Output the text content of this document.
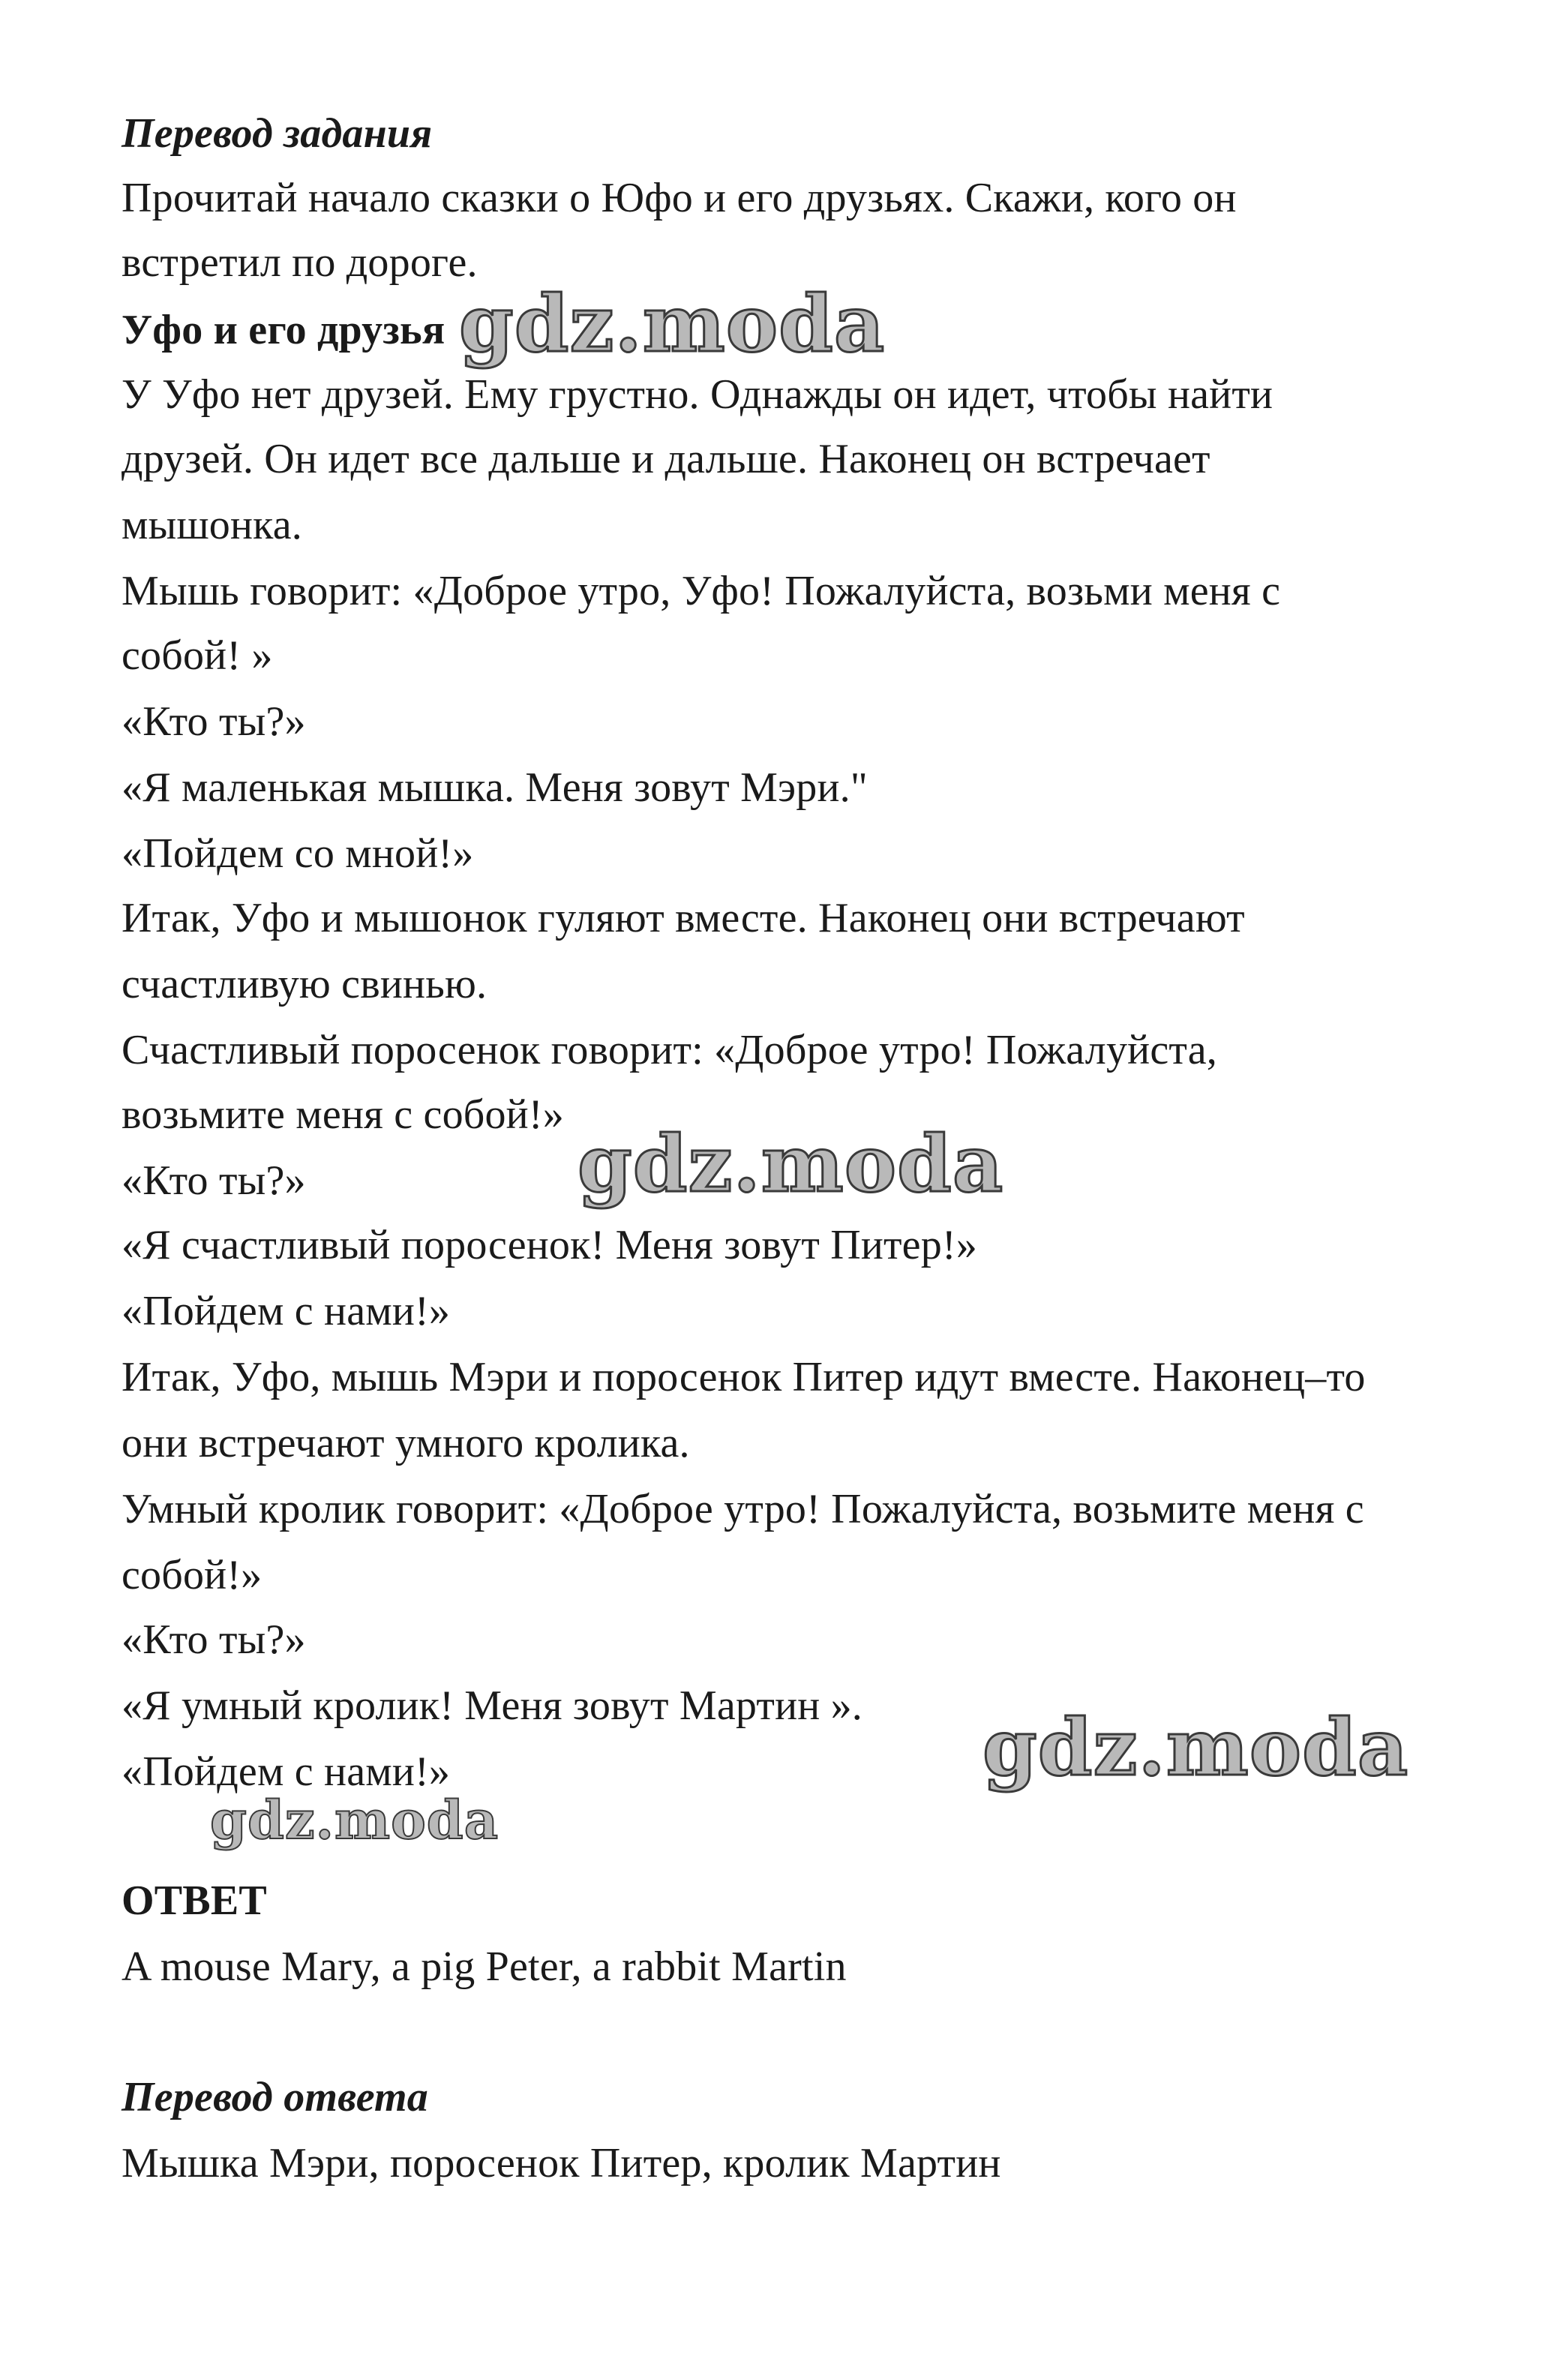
Перевод задания
Прочитай начало сказки о Юфо и его друзьях. Скажи, кого он
встретил по дороге.
Уфо и его друзья
У Уфо нет друзей. Ему грустно. Однажды он идет, чтобы найти
друзей. Он идет все дальше и дальше. Наконец он встречает
мышонка.
Мышь говорит: «Доброе утро, Уфо! Пожалуйста, возьми меня с
собой! »
«Кто ты?»
«Я маленькая мышка. Меня зовут Мэри."
«Пойдем со мной!»
Итак, Уфо и мышонок гуляют вместе. Наконец они встречают
счастливую свинью.
Счастливый поросенок говорит: «Доброе утро! Пожалуйста,
возьмите меня с собой!»
«Кто ты?»
«Я счастливый поросенок! Меня зовут Питер!»
«Пойдем с нами!»
Итак, Уфо, мышь Мэри и поросенок Питер идут вместе. Наконец–то
они встречают умного кролика.
Умный кролик говорит: «Доброе утро! Пожалуйста, возьмите меня с
собой!»
«Кто ты?»
«Я умный кролик! Меня зовут Мартин ».
«Пойдем с нами!»
ОТВЕТ
A mouse Mary, a pig Peter, a rabbit Martin
Перевод ответа
Мышка Мэри, поросенок Питер, кролик Мартин
gdz.moda
gdz.moda
gdz.moda
gdz.moda
